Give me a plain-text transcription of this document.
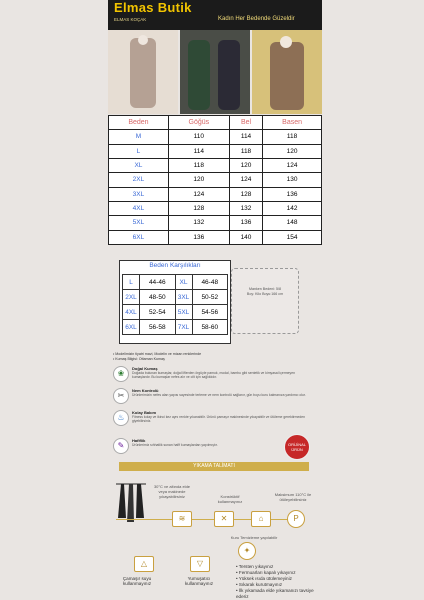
Elmas Butik
ELMAS KOÇAK	Kadın Her Bedende Güzeldir
Beden	Göğüs	Bel	Basen
M	110	114	118
L	114	118	120
XL	118	120	124
2XL	120	124	130
3XL	124	128	136
4XL	128	132	142
5XL	132	136	148
6XL	136	140	154
Beden Karşılıkları
L	44-46	XL	46-48
2XL	48-50	3XL	50-52
4XL	52-54	5XL	54-56
6XL	56-58	7XL	58-60
Manken Bedeni: 5/8
Boy: Kilo Boyu:166 cm
• Modelimizin tiyatri mavi, Modelin ve mizan renklerinde
• Kumaş Bilgisi: Ottaman Kumaş
❀
Doğal Kumaş
Doğada bulunan kumaşlar, doğal liflerden örgüyle pamuk, modal, bambu gibi sentetik ve kimyasal içermeyen kumaşlardır. Bu kumaşlar nefes alır ve cilt için sağlıklıdır.
✂
Nem Kontrolü
Ürünlerimizin nefes alan yapısı sayesinde terleme ve nem kontrolü sağlanır, gün boyu kuru kalmanıza yardımcı olur.
♨
Kolay Bakım
Fitness kolay ve ikinci kez aynı renkte yıkanabilir. Ürünü çamaşır makinesinde yıkayabilir ve ütüleme gerektirmeden giyebilirsiniz.
✎
Hafiflik
Ürünlerimiz sıhhatlik sunan hafif kumaşlardan yapılmıştır.	ORİJİNAL ÜRÜN
YIKAMA TALİMATI
30°C ve altında elde veya makinede yıkayabilirsiniz	Konstrüktif kullanmayınız
Maksimum 110°C ile ütüleyebilirsiniz
≋	✕	⌂	P
Kuru Temizleme yapılabilir
△	▽
✦
Çamaşır suyu kullanmayınız
Yumuşatıcı kullanmayınız
• Tersten yıkayınız
• Fermuarları kapalı yıkayınız
• Yüksek ısıda ütülemeyiniz
• Sıkarak kurutmayınız
• İlk yıkamada elde yıkamanızı tavsiye ederiz
